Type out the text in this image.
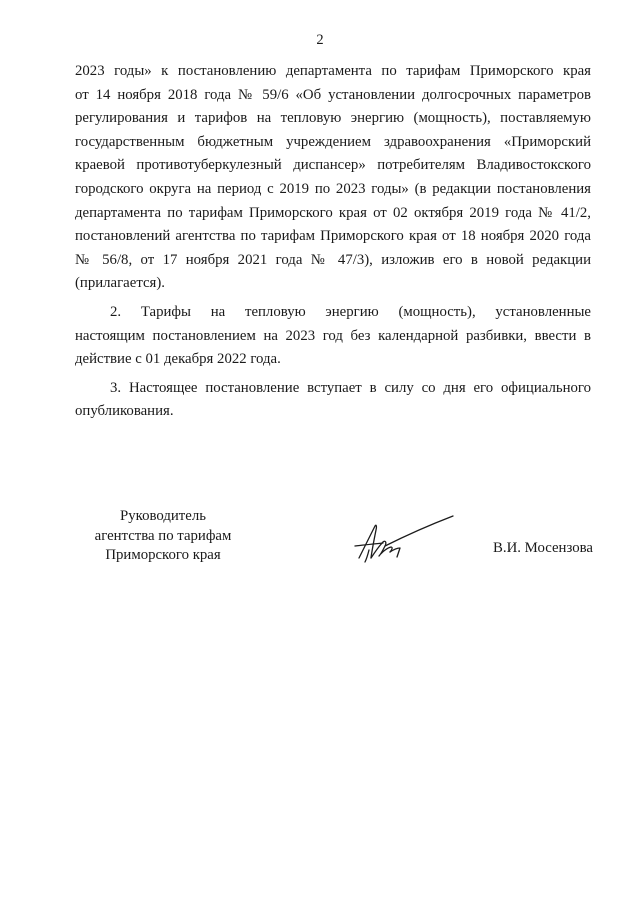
2
2023 годы» к постановлению департамента по тарифам Приморского края
от 14 ноября 2018 года № 59/6 «Об установлении долгосрочных параметров
регулирования и тарифов на тепловую энергию (мощность), поставляемую
государственным бюджетным учреждением здравоохранения «Приморский
краевой противотуберкулезный диспансер» потребителям Владивостокского
городского округа на период с 2019 по 2023 годы» (в редакции постановления
департамента по тарифам Приморского края от 02 октября 2019 года № 41/2,
постановлений агентства по тарифам Приморского края от 18 ноября 2020 года
№ 56/8, от 17 ноября 2021 года № 47/3), изложив его в новой редакции
(прилагается).
2. Тарифы на тепловую энергию (мощность), установленные
настоящим постановлением на 2023 год без календарной разбивки, ввести в
действие с 01 декабря 2022 года.
3. Настоящее постановление вступает в силу со дня его официального
опубликования.
Руководитель
агентства по тарифам
Приморского края	В.И. Мосензова
